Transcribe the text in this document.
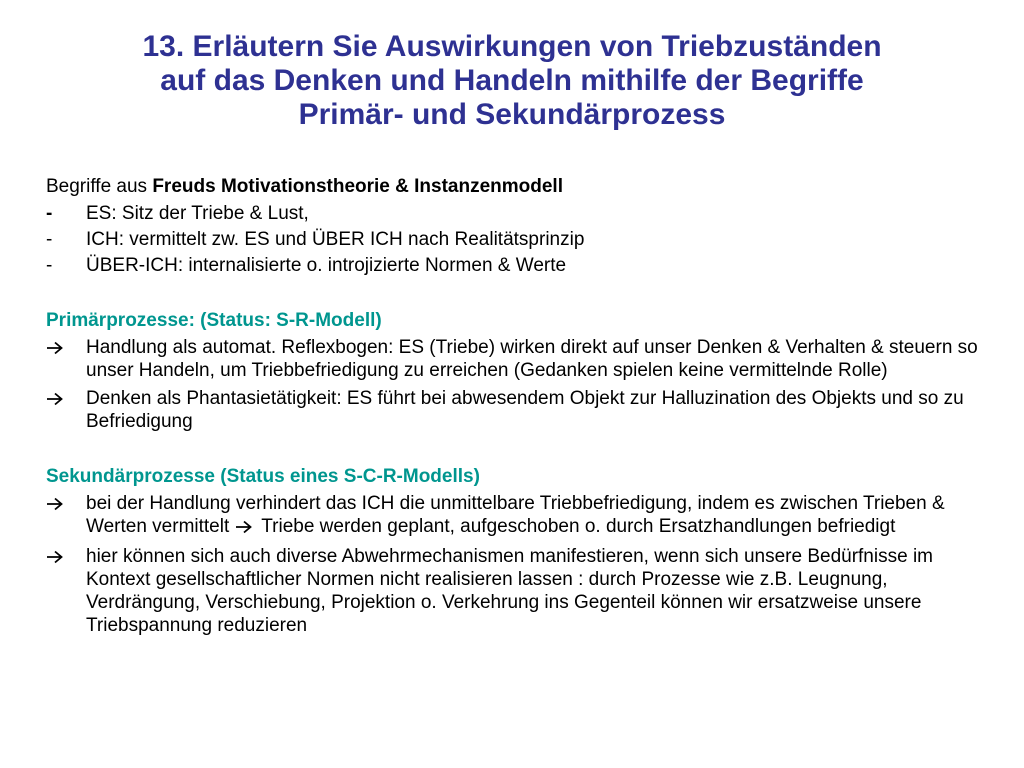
13. Erläutern Sie Auswirkungen von Triebzuständen
auf das Denken und Handeln mithilfe der Begriffe
Primär- und Sekundärprozess
Begriffe aus Freuds Motivationstheorie & Instanzenmodell
-	ES: Sitz der Triebe & Lust,
-	ICH: vermittelt zw. ES und ÜBER ICH nach Realitätsprinzip
-	ÜBER-ICH: internalisierte o. introjizierte Normen & Werte
Primärprozesse: (Status: S-R-Modell)
Handlung als automat. Reflexbogen: ES (Triebe) wirken direkt auf unser Denken & Verhalten & steuern so unser Handeln, um Triebbefriedigung zu erreichen (Gedanken spielen keine vermittelnde Rolle)
Denken als Phantasietätigkeit: ES führt bei abwesendem Objekt zur Halluzination des Objekts und so zu Befriedigung
Sekundärprozesse (Status eines S-C-R-Modells)
bei der Handlung verhindert das ICH die unmittelbare Triebbefriedigung, indem es zwischen Trieben & Werten vermittelt Triebe werden geplant, aufgeschoben o. durch Ersatzhandlungen befriedigt
hier können sich auch diverse Abwehrmechanismen manifestieren, wenn sich unsere Bedürfnisse im Kontext gesellschaftlicher Normen nicht realisieren lassen : durch Prozesse wie z.B. Leugnung, Verdrängung, Verschiebung, Projektion o. Verkehrung ins Gegenteil können wir ersatzweise unsere Triebspannung reduzieren
